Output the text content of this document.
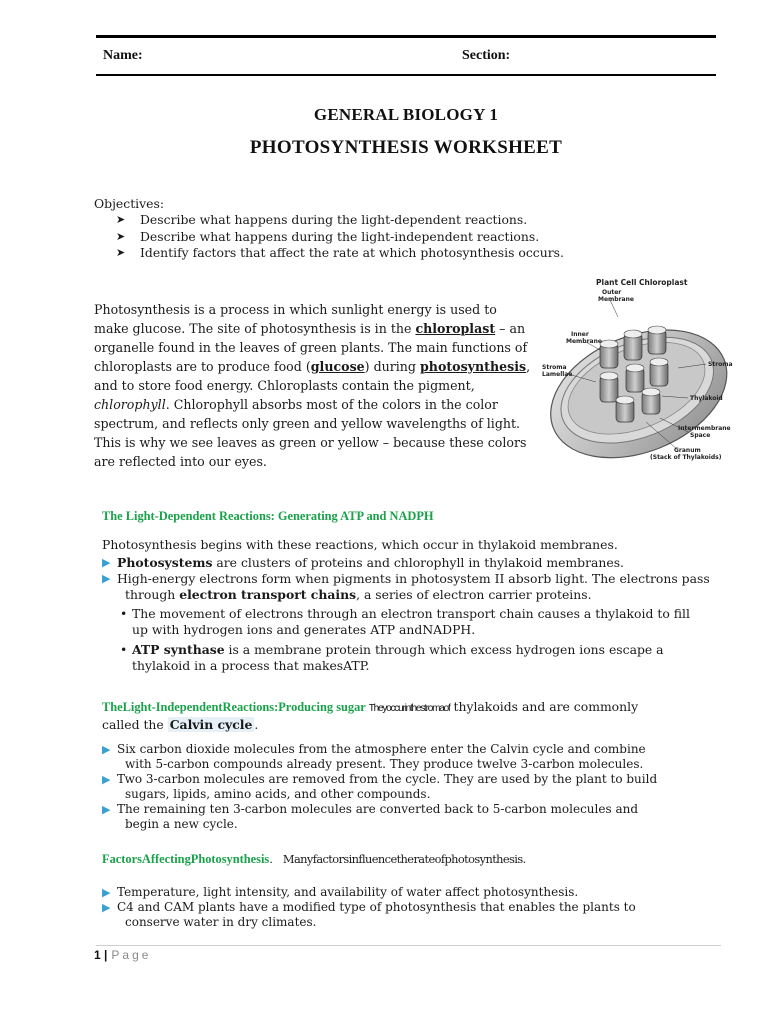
Name:	Section:
GENERAL BIOLOGY 1
PHOTOSYNTHESIS WORKSHEET
Objectives:
➤ Describe what happens during the light-dependent reactions.
➤ Describe what happens during the light-independent reactions.
➤ Identify factors that affect the rate at which photosynthesis occurs.
Photosynthesis is a process in which sunlight energy is used to make glucose. The site of photosynthesis is in the chloroplast – an organelle found in the leaves of green plants. The main functions of chloroplasts are to produce food (glucose) during photosynthesis, and to store food energy. Chloroplasts contain the pigment, chlorophyll. Chlorophyll absorbs most of the colors in the color spectrum, and reflects only green and yellow wavelengths of light. This is why we see leaves as green or yellow – because these colors are reflected into our eyes.
Plant Cell Chloroplast
Outer Membrane
Inner Membrane
Stroma Lamellae
Stroma
Thylakoid
Intermembrane Space
Granum (Stack of Thylakoids)
The Light-Dependent Reactions: Generating ATP and NADPH
Photosynthesis begins with these reactions, which occur in thylakoid membranes.
▶ Photosystems are clusters of proteins and chlorophyll in thylakoid membranes.
▶ High-energy electrons form when pigments in photosystem II absorb light. The electrons pass
through electron transport chains, a series of electron carrier proteins.
• The movement of electrons through an electron transport chain causes a thylakoid to fill
up with hydrogen ions and generates ATP andNADPH.
• ATP synthase is a membrane protein through which excess hydrogen ions escape a
thylakoid in a process that makesATP.
TheLight-IndependentReactions:Producing sugar Theyoccurinthestromaof thylakoids and are commonly
called the Calvin cycle .
▶ Six carbon dioxide molecules from the atmosphere enter the Calvin cycle and combine
with 5-carbon compounds already present. They produce twelve 3-carbon molecules.
▶ Two 3-carbon molecules are removed from the cycle. They are used by the plant to build
sugars, lipids, amino acids, and other compounds.
▶ The remaining ten 3-carbon molecules are converted back to 5-carbon molecules and
begin a new cycle.
FactorsAffectingPhotosynthesis. Manyfactorsinfluencetherateofphotosynthesis.
▶ Temperature, light intensity, and availability of water affect photosynthesis.
▶ C4 and CAM plants have a modified type of photosynthesis that enables the plants to
conserve water in dry climates.
1 | Page
